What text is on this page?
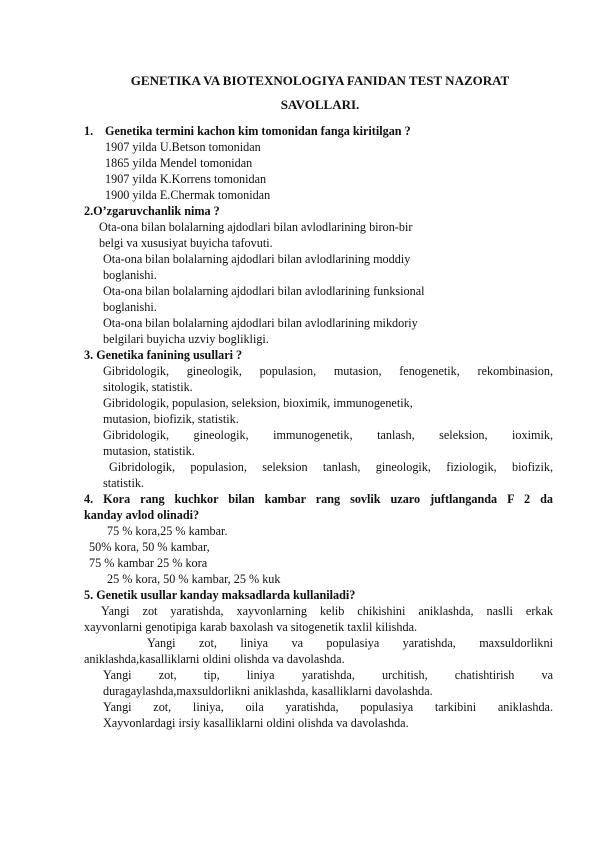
GENETIKA VA BIOTEXNOLOGIYA FANIDAN TEST NAZORAT
SAVOLLARI.
1. Genetika termini kachon kim tomonidan fanga kiritilgan ?
1907 yilda U.Betson tomonidan
1865 yilda Mendel tomonidan
1907 yilda K.Korrens tomonidan
1900 yilda E.Chermak tomonidan
2.O’zgaruvchanlik nima ?
Ota-ona bilan bolalarning ajdodlari bilan avlodlarining biron-bir
belgi va xususiyat buyicha tafovuti.
Ota-ona bilan bolalarning ajdodlari bilan avlodlarining moddiy
boglanishi.
Ota-ona bilan bolalarning ajdodlari bilan avlodlarining funksional
boglanishi.
Ota-ona bilan bolalarning ajdodlari bilan avlodlarining mikdoriy
belgilari buyicha uzviy boglikligi.
3. Genetika fanining usullari ?
Gibridologik, gineologik, populasion, mutasion, fenogenetik, rekombinasion,
sitologik, statistik.
Gibridologik, populasion, seleksion, bioximik, immunogenetik,
mutasion, biofizik, statistik.
Gibridologik, gineologik, immunogenetik, tanlash, seleksion, ioximik,
mutasion, statistik.
Gibridologik, populasion, seleksion tanlash, gineologik, fiziologik, biofizik,
statistik.
4. Kora rang kuchkor bilan kambar rang sovlik uzaro juftlanganda F 2 da
kanday avlod olinadi?
75 % kora,25 % kambar.
50% kora, 50 % kambar,
75 % kambar 25 % kora
25 % kora, 50 % kambar, 25 % kuk
5. Genetik usullar kanday maksadlarda kullaniladi?
Yangi zot yaratishda, xayvonlarning kelib chikishini aniklashda, naslli erkak
xayvonlarni genotipiga karab baxolash va sitogenetik taxlil kilishda.
Yangi zot, liniya va populasiya yaratishda, maxsuldorlikni
aniklashda,kasalliklarni oldini olishda va davolashda.
Yangi zot, tip, liniya yaratishda, urchitish, chatishtirish va
duragaylashda,maxsuldorlikni aniklashda, kasalliklarni davolashda.
Yangi zot, liniya, oila yaratishda, populasiya tarkibini aniklashda.
Xayvonlardagi irsiy kasalliklarni oldini olishda va davolashda.
